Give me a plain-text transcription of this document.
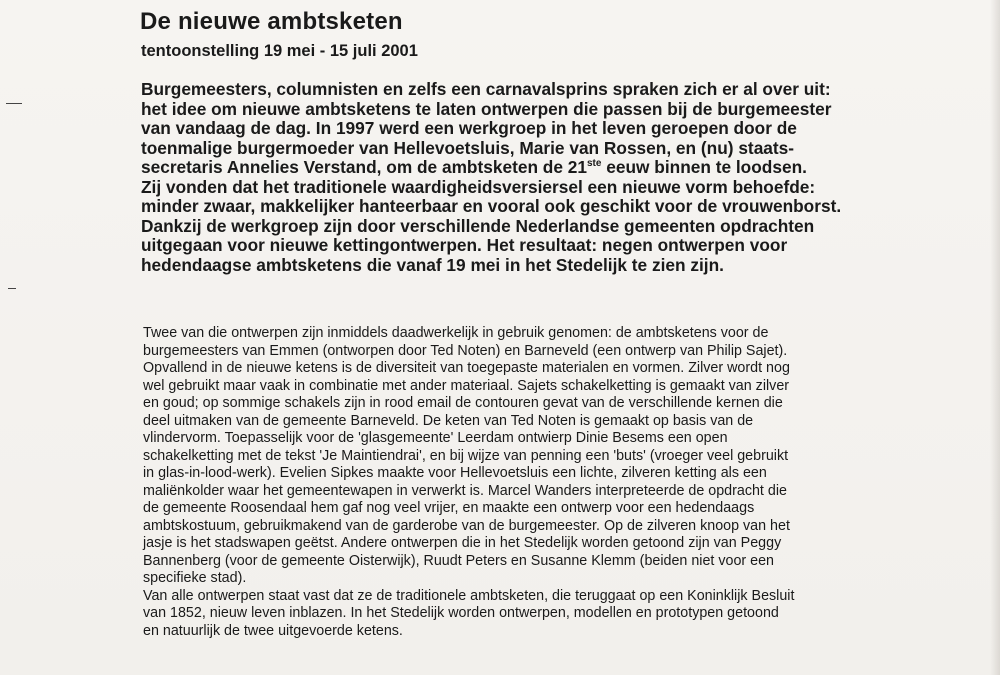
De nieuwe ambtsketen

tentoonstelling 19 mei - 15 juli 2001

Burgemeesters, columnisten en zelfs een carnavalsprins spraken zich er al over uit:
het idee om nieuwe ambtsketens te laten ontwerpen die passen bij de burgemeester
van vandaag de dag. In 1997 werd een werkgroep in het leven geroepen door de
toenmalige burgermoeder van Hellevoetsluis, Marie van Rossen, en (nu) staats-
secretaris Annelies Verstand, om de ambtsketen de 21ste eeuw binnen te loodsen.
Zij vonden dat het traditionele waardigheidsversiersel een nieuwe vorm behoefde:
minder zwaar, makkelijker hanteerbaar en vooral ook geschikt voor de vrouwenborst.
Dankzij de werkgroep zijn door verschillende Nederlandse gemeenten opdrachten
uitgegaan voor nieuwe kettingontwerpen. Het resultaat: negen ontwerpen voor
hedendaagse ambtsketens die vanaf 19 mei in het Stedelijk te zien zijn.

Twee van die ontwerpen zijn inmiddels daadwerkelijk in gebruik genomen: de ambtsketens voor de
burgemeesters van Emmen (ontworpen door Ted Noten) en Barneveld (een ontwerp van Philip Sajet).
Opvallend in de nieuwe ketens is de diversiteit van toegepaste materialen en vormen. Zilver wordt nog
wel gebruikt maar vaak in combinatie met ander materiaal. Sajets schakelketting is gemaakt van zilver
en goud; op sommige schakels zijn in rood email de contouren gevat van de verschillende kernen die
deel uitmaken van de gemeente Barneveld. De keten van Ted Noten is gemaakt op basis van de
vlindervorm. Toepasselijk voor de 'glasgemeente' Leerdam ontwierp Dinie Besems een open
schakelketting met de tekst 'Je Maintiendrai', en bij wijze van penning een 'buts' (vroeger veel gebruikt
in glas-in-lood-werk). Evelien Sipkes maakte voor Hellevoetsluis een lichte, zilveren ketting als een
maliënkolder waar het gemeentewapen in verwerkt is. Marcel Wanders interpreteerde de opdracht die
de gemeente Roosendaal hem gaf nog veel vrijer, en maakte een ontwerp voor een hedendaags
ambtskostuum, gebruikmakend van de garderobe van de burgemeester. Op de zilveren knoop van het
jasje is het stadswapen geëtst. Andere ontwerpen die in het Stedelijk worden getoond zijn van Peggy
Bannenberg (voor de gemeente Oisterwijk), Ruudt Peters en Susanne Klemm (beiden niet voor een
specifieke stad).
Van alle ontwerpen staat vast dat ze de traditionele ambtsketen, die teruggaat op een Koninklijk Besluit
van 1852, nieuw leven inblazen. In het Stedelijk worden ontwerpen, modellen en prototypen getoond
en natuurlijk de twee uitgevoerde ketens.
